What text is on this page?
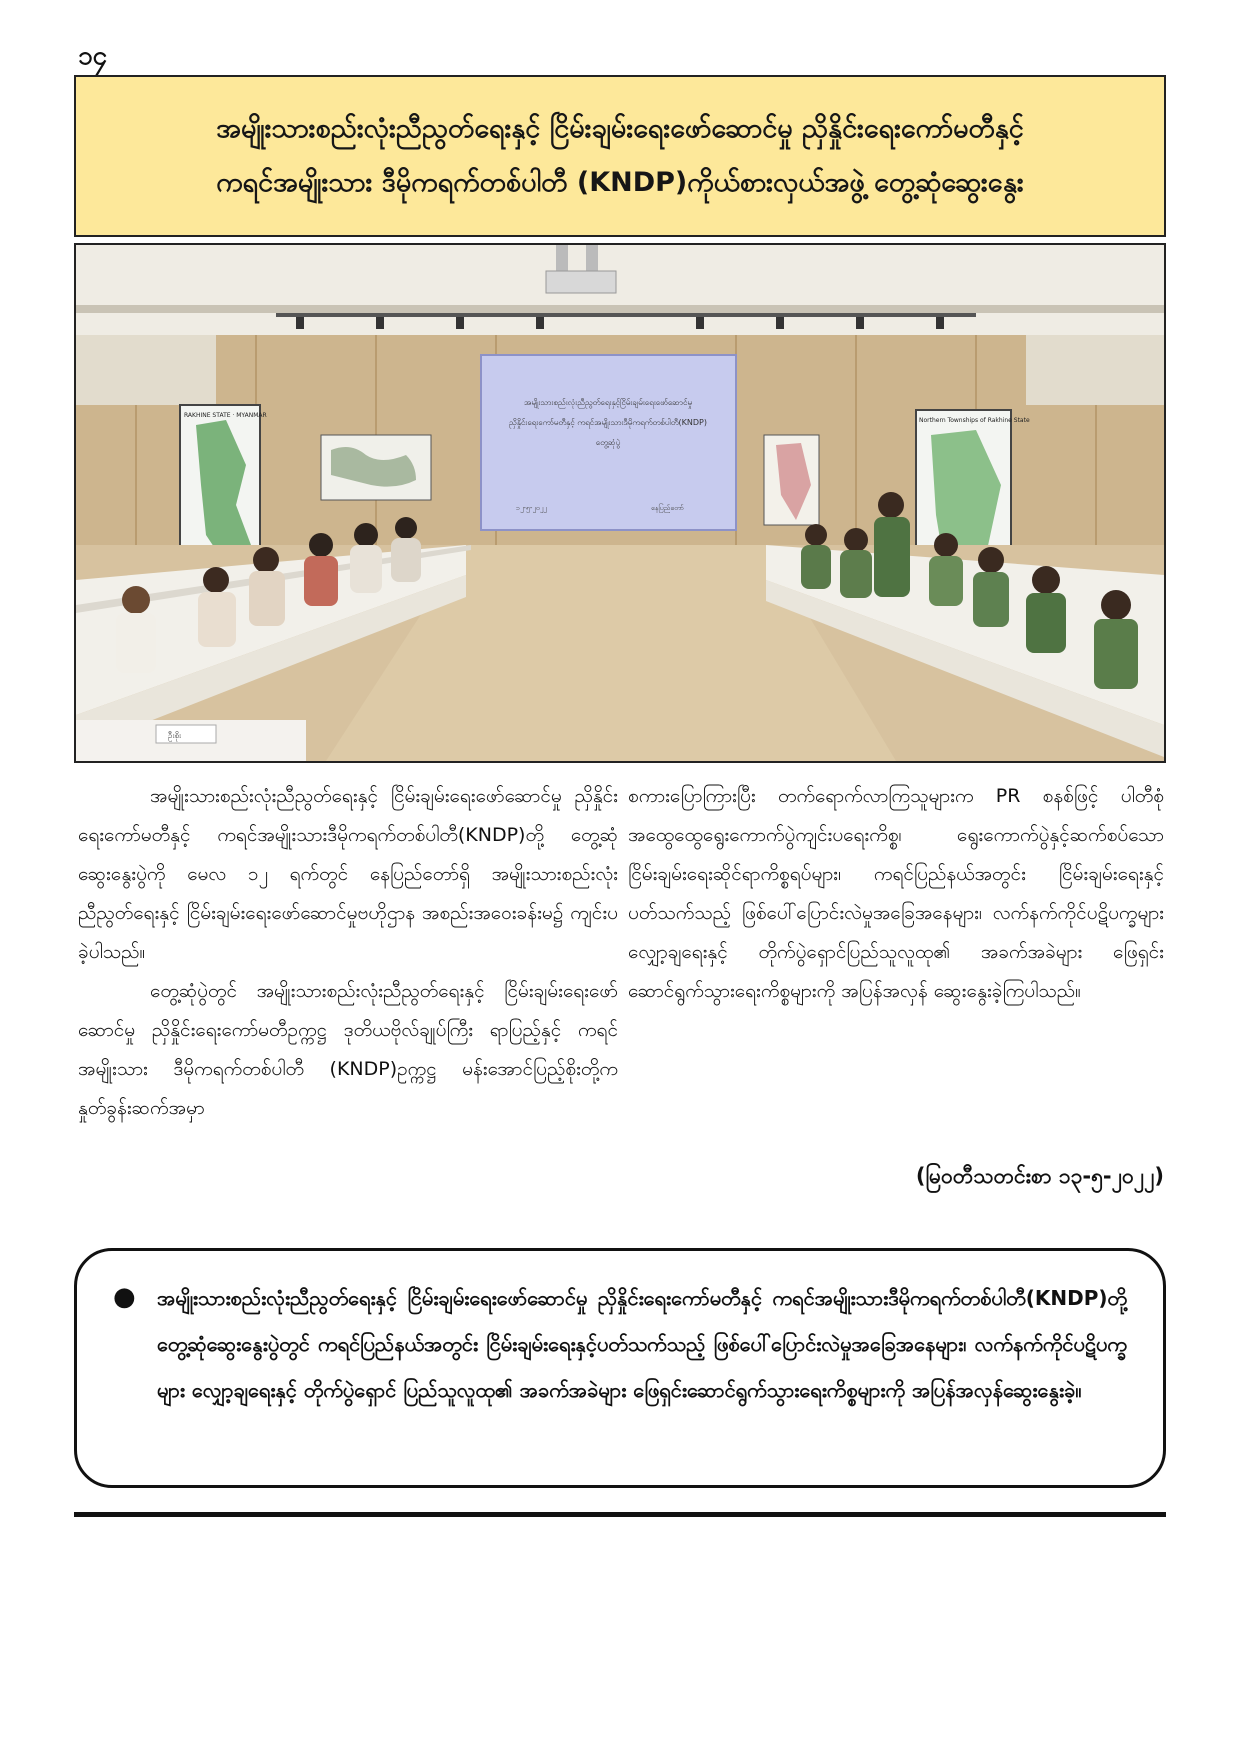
၁၄
အမျိုးသားစည်းလုံးညီညွတ်ရေးနှင့် ငြိမ်းချမ်းရေးဖော်ဆောင်မှု ညှိနှိုင်းရေးကော်မတီနှင့်
ကရင်အမျိုးသား ဒီမိုကရက်တစ်ပါတီ (KNDP)ကိုယ်စားလှယ်အဖွဲ့ တွေ့ဆုံဆွေးနွေး
RAKHINE STATE · MYANMAR
အမျိုးသားစည်းလုံးညီညွတ်ရေးနှင့်ငြိမ်းချမ်းရေးဖော်ဆောင်မှု
ညှိနှိုင်းရေးကော်မတီနှင့် ကရင်အမျိုးသားဒီမိုကရက်တစ်ပါတီ(KNDP)
တွေ့ဆုံပွဲ
၁၂-၅-၂၀၂၂	နေပြည်တော်
Northern Townships of Rakhine State
ဦးစိုး

အမျိုးသားစည်းလုံးညီညွတ်ရေးနှင့် ငြိမ်းချမ်းရေးဖော်ဆောင်မှု ညှိနှိုင်းရေးကော်မတီနှင့် ကရင်အမျိုးသားဒီမိုကရက်တစ်ပါတီ(KNDP)တို့ တွေ့ဆုံဆွေးနွေးပွဲကို မေလ ၁၂ ရက်တွင် နေပြည်တော်ရှိ အမျိုးသားစည်းလုံးညီညွတ်ရေးနှင့် ငြိမ်းချမ်းရေးဖော်ဆောင်မှုဗဟိုဌာန အစည်းအဝေးခန်းမ၌ ကျင်းပခဲ့ပါသည်။

တွေ့ဆုံပွဲတွင် အမျိုးသားစည်းလုံးညီညွတ်ရေးနှင့် ငြိမ်းချမ်းရေးဖော်ဆောင်မှု ညှိနှိုင်းရေးကော်မတီဥက္ကဋ္ဌ ဒုတိယဗိုလ်ချုပ်ကြီး ရာပြည့်နှင့် ကရင်အမျိုးသား ဒီမိုကရက်တစ်ပါတီ (KNDP)ဥက္ကဋ္ဌ မန်းအောင်ပြည့်စိုးတို့က နှုတ်ခွန်းဆက်အမှာ

စကားပြောကြားပြီး တက်ရောက်လာကြသူများက PR စနစ်ဖြင့် ပါတီစုံအထွေထွေရွေးကောက်ပွဲကျင်းပရေးကိစ္စ၊ ရွေးကောက်ပွဲနှင့်ဆက်စပ်သော ငြိမ်းချမ်းရေးဆိုင်ရာကိစ္စရပ်များ၊ ကရင်ပြည်နယ်အတွင်း ငြိမ်းချမ်းရေးနှင့်ပတ်သက်သည့် ဖြစ်ပေါ်ပြောင်းလဲမှုအခြေအနေများ၊ လက်နက်ကိုင်ပဋိပက္ခများ လျှော့ချရေးနှင့် တိုက်ပွဲရှောင်ပြည်သူလူထု၏ အခက်အခဲများ ဖြေရှင်းဆောင်ရွက်သွားရေးကိစ္စများကို အပြန်အလှန် ဆွေးနွေးခဲ့ကြပါသည်။

(မြဝတီသတင်းစာ ၁၃-၅-၂၀၂၂)
●	အမျိုးသားစည်းလုံးညီညွတ်ရေးနှင့် ငြိမ်းချမ်းရေးဖော်ဆောင်မှု ညှိနှိုင်းရေးကော်မတီနှင့် ကရင်အမျိုးသားဒီမိုကရက်တစ်ပါတီ(KNDP)တို့ တွေ့ဆုံဆွေးနွေးပွဲတွင် ကရင်ပြည်နယ်အတွင်း ငြိမ်းချမ်းရေးနှင့်ပတ်သက်သည့် ဖြစ်ပေါ်ပြောင်းလဲမှုအခြေအနေများ၊ လက်နက်ကိုင်ပဋိပက္ခများ လျှော့ချရေးနှင့် တိုက်ပွဲရှောင် ပြည်သူလူထု၏ အခက်အခဲများ ဖြေရှင်းဆောင်ရွက်သွားရေးကိစ္စများကို အပြန်အလှန်ဆွေးနွေးခဲ့။
